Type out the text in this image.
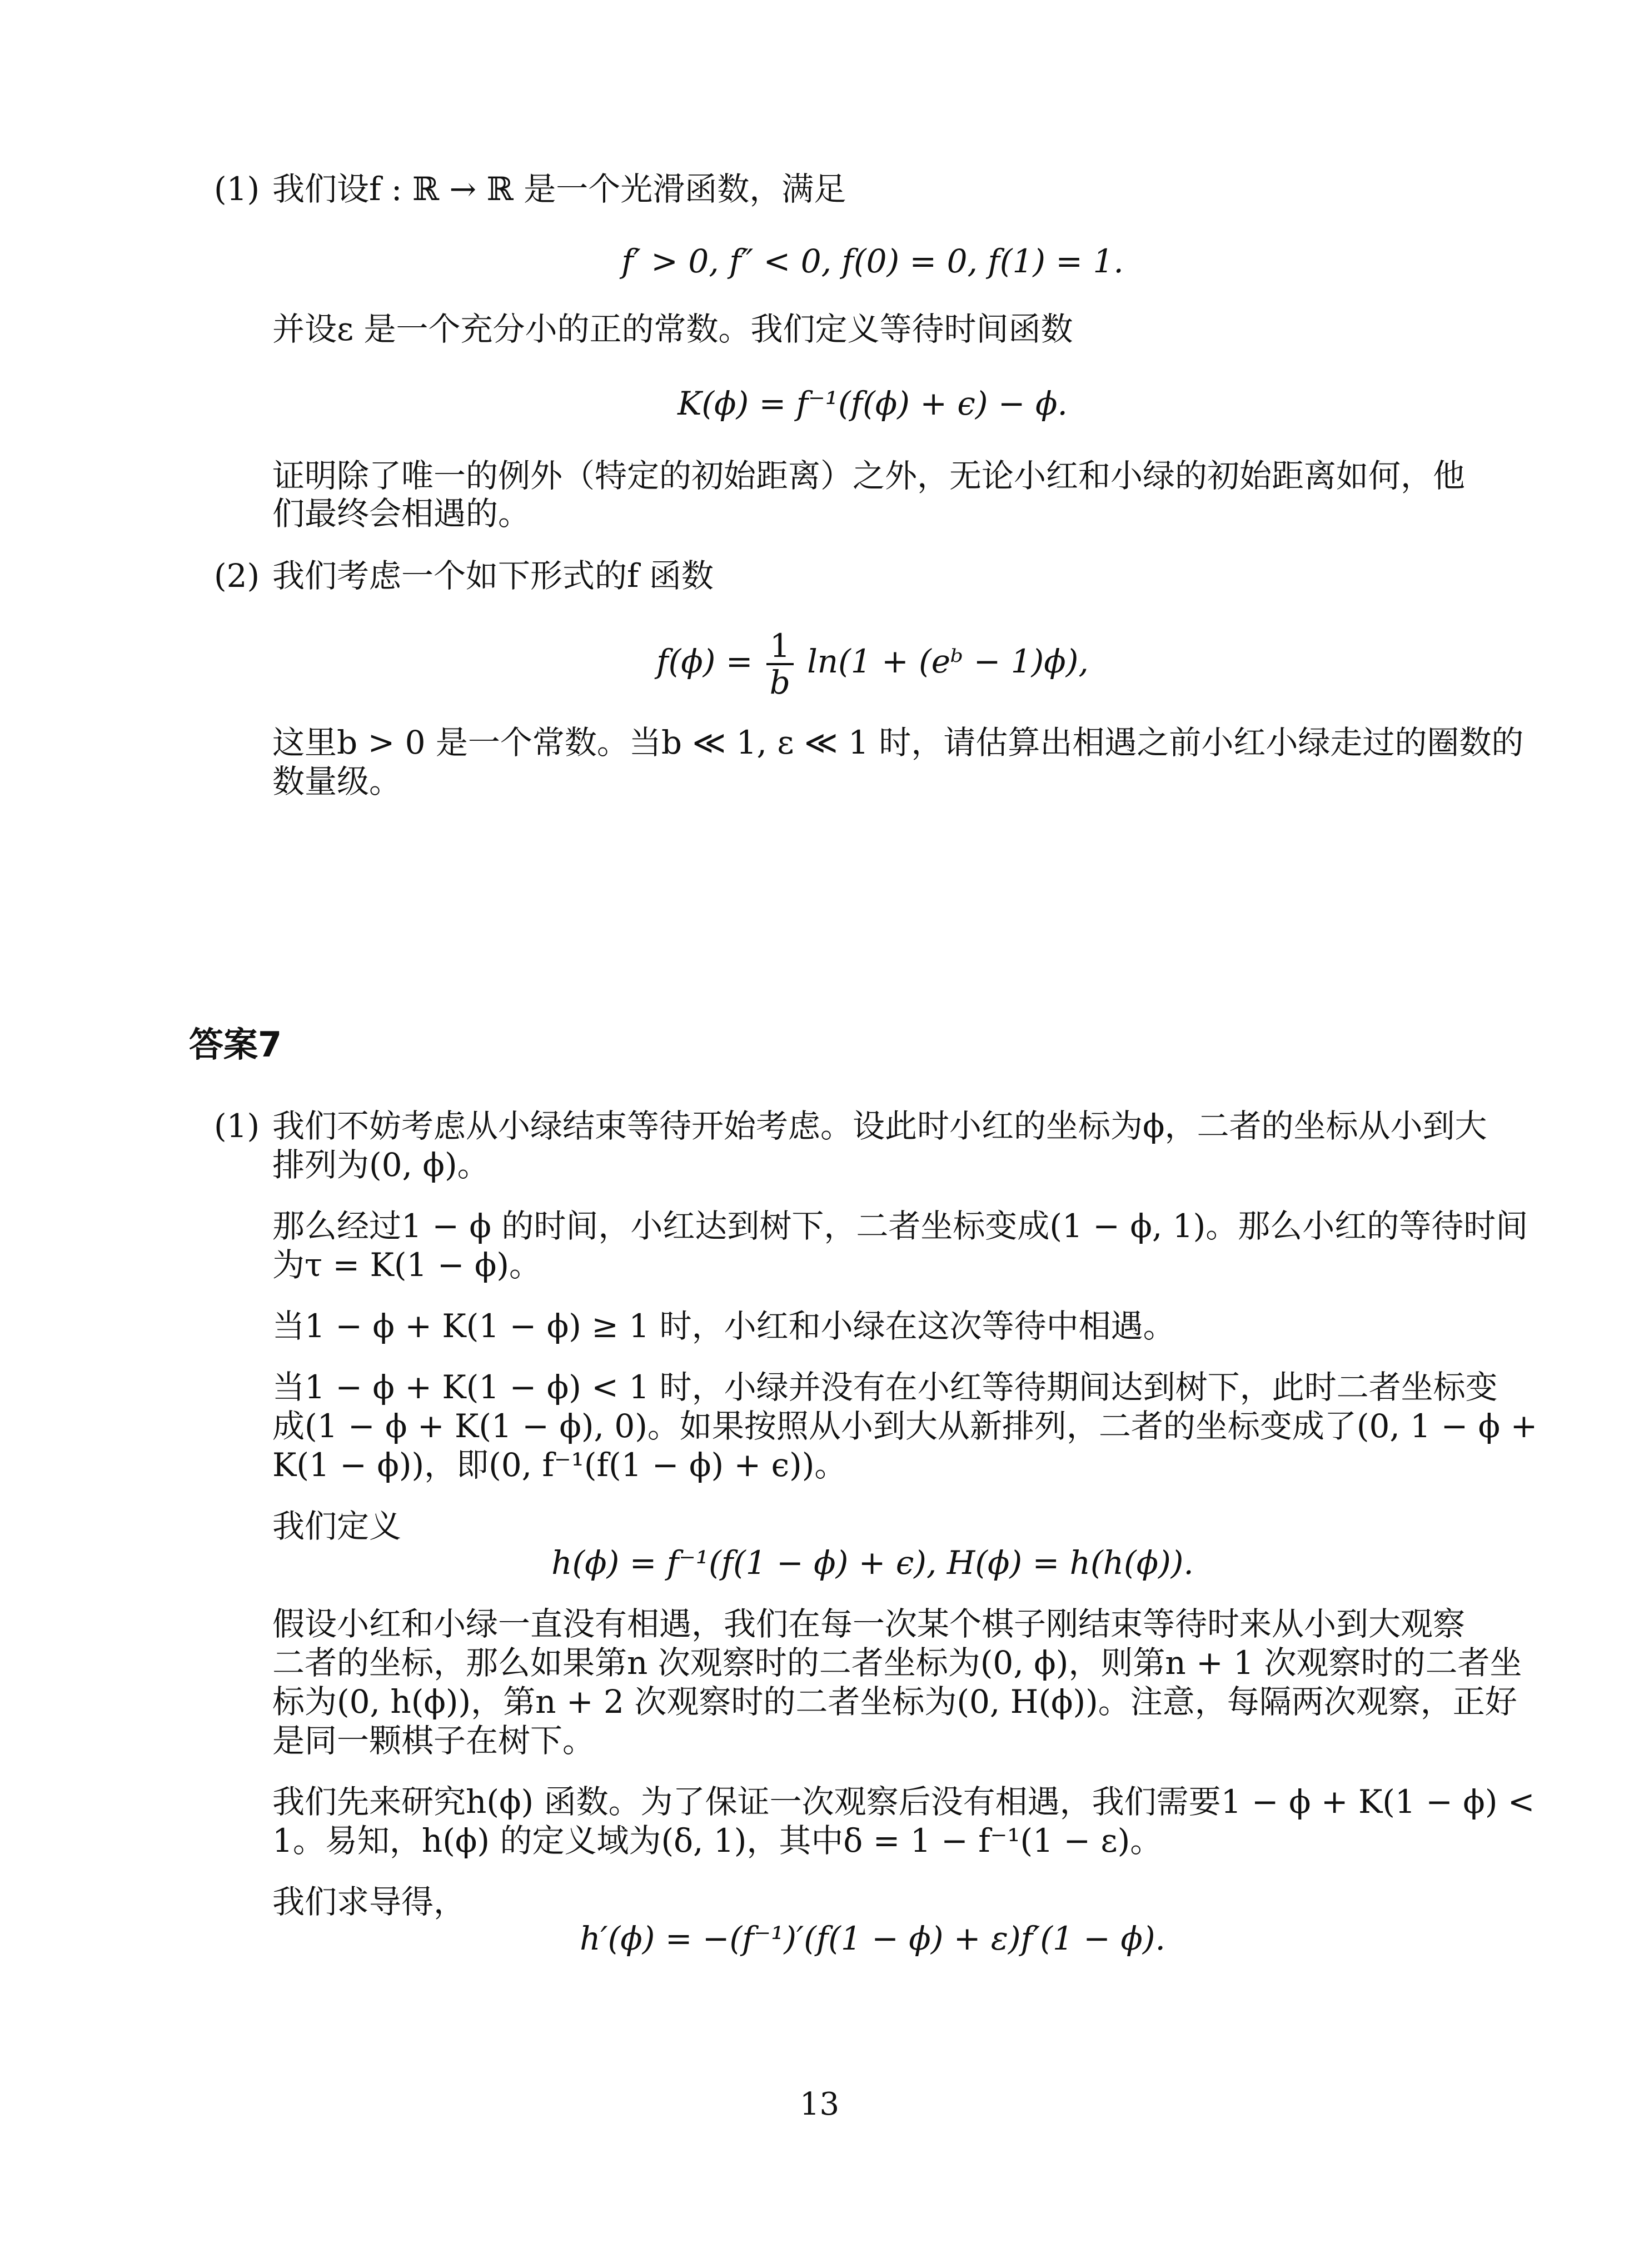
(1) 我们设f : ℝ → ℝ 是一个光滑函数，满足
f′ > 0, f″ < 0, f(0) = 0, f(1) = 1.
并设ε 是一个充分小的正的常数。我们定义等待时间函数
K(ϕ) = f⁻¹(f(ϕ) + ϵ) − ϕ.
证明除了唯一的例外（特定的初始距离）之外，无论小红和小绿的初始距离如何，他
们最终会相遇的。
(2) 我们考虑一个如下形式的f 函数
$f(\phi) = \frac{1}{b} \ln(1$ + (eᵇ − 1)ϕ),
这里b > 0 是一个常数。当b ≪ 1, ε ≪ 1 时，请估算出相遇之前小红小绿走过的圈数的
数量级。
答案7
(1) 我们不妨考虑从小绿结束等待开始考虑。设此时小红的坐标为ϕ，二者的坐标从小到大
排列为(0, ϕ)。
那么经过1 − ϕ 的时间，小红达到树下，二者坐标变成(1 − ϕ, 1)。那么小红的等待时间
为τ = K(1 − ϕ)。
当1 − ϕ + K(1 − ϕ) ≥ 1 时，小红和小绿在这次等待中相遇。
当1 − ϕ + K(1 − ϕ) < 1 时，小绿并没有在小红等待期间达到树下，此时二者坐标变
成(1 − ϕ + K(1 − ϕ), 0)。如果按照从小到大从新排列，二者的坐标变成了(0, 1 − ϕ +
K(1 − ϕ))，即(0, f⁻¹(f(1 − ϕ) + ϵ))。
我们定义
h(ϕ) = f⁻¹(f(1 − ϕ) + ϵ), H(ϕ) = h(h(ϕ)).
假设小红和小绿一直没有相遇，我们在每一次某个棋子刚结束等待时来从小到大观察
二者的坐标，那么如果第n 次观察时的二者坐标为(0, ϕ)，则第n + 1 次观察时的二者坐
标为(0, h(ϕ))，第n + 2 次观察时的二者坐标为(0, H(ϕ))。注意，每隔两次观察，正好
是同一颗棋子在树下。
我们先来研究h(ϕ) 函数。为了保证一次观察后没有相遇，我们需要1 − ϕ + K(1 − ϕ) <
1。易知，h(ϕ) 的定义域为(δ, 1)，其中δ = 1 − f⁻¹(1 − ε)。
我们求导得，
h′(ϕ) = −(f⁻¹)′(f(1 − ϕ) + ε)f′(1 − ϕ).
13
